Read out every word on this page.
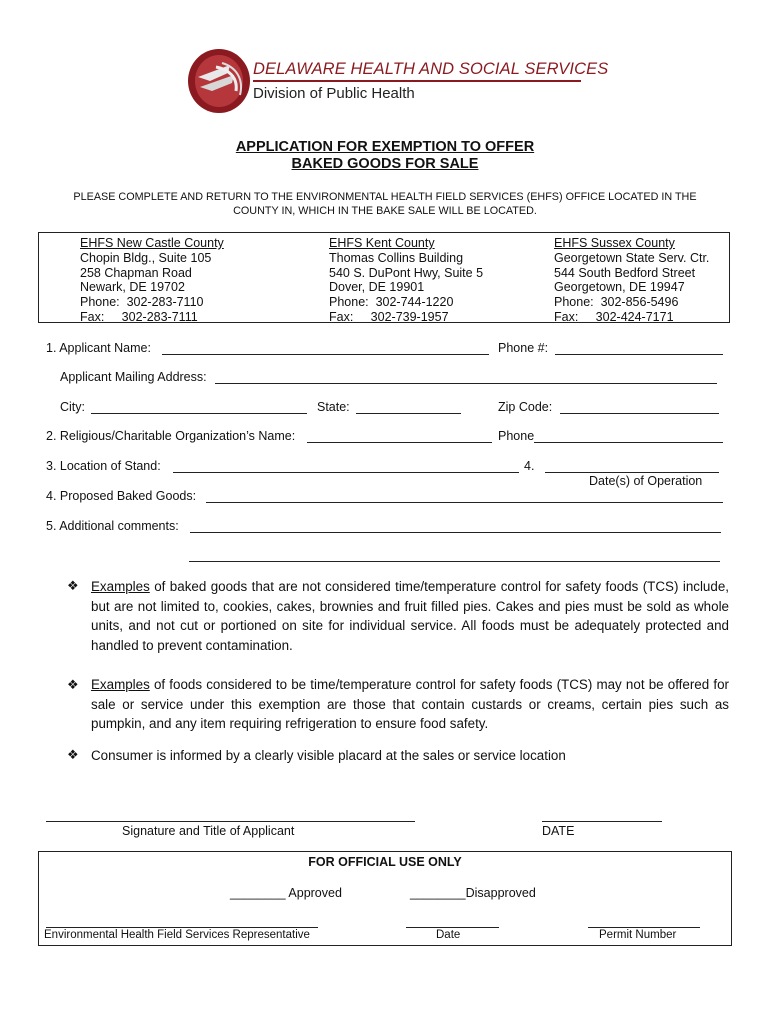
DELAWARE HEALTH AND SOCIAL SERVICES
Division of Public Health
APPLICATION FOR EXEMPTION TO OFFER
BAKED GOODS FOR SALE
PLEASE COMPLETE AND RETURN TO THE ENVIRONMENTAL HEALTH FIELD SERVICES (EHFS) OFFICE LOCATED IN THE
COUNTY IN, WHICH IN THE BAKE SALE WILL BE LOCATED.
EHFS New Castle County
Chopin Bldg., Suite 105
258 Chapman Road
Newark, DE 19702
Phone:  302-283-7110
Fax:     302-283-7111
EHFS Kent County
Thomas Collins Building
540 S. DuPont Hwy, Suite 5
Dover, DE 19901
Phone:  302-744-1220
Fax:     302-739-1957
EHFS Sussex County
Georgetown State Serv. Ctr.
544 South Bedford Street
Georgetown, DE 19947
Phone:  302-856-5496
Fax:     302-424-7171
1. Applicant Name:	Phone #:
Applicant Mailing Address:
City:	State:	Zip Code:
2. Religious/Charitable Organization’s Name:	Phone
3. Location of Stand:	4.
Date(s) of Operation
4. Proposed Baked Goods:
5. Additional comments:
❖ Examples of baked goods that are not considered time/temperature control for safety foods (TCS) include, but are not limited to, cookies, cakes, brownies and fruit filled pies. Cakes and pies must be sold as whole units, and not cut or portioned on site for individual service. All foods must be adequately protected and handled to prevent contamination.
❖ Examples of foods considered to be time/temperature control for safety foods (TCS) may not be offered for sale or service under this exemption are those that contain custards or creams, certain pies such as pumpkin, and any item requiring refrigeration to ensure food safety.
❖ Consumer is informed by a clearly visible placard at the sales or service location
Signature and Title of Applicant	DATE
FOR OFFICIAL USE ONLY
________ Approved	________Disapproved
Environmental Health Field Services Representative	Date	Permit Number
